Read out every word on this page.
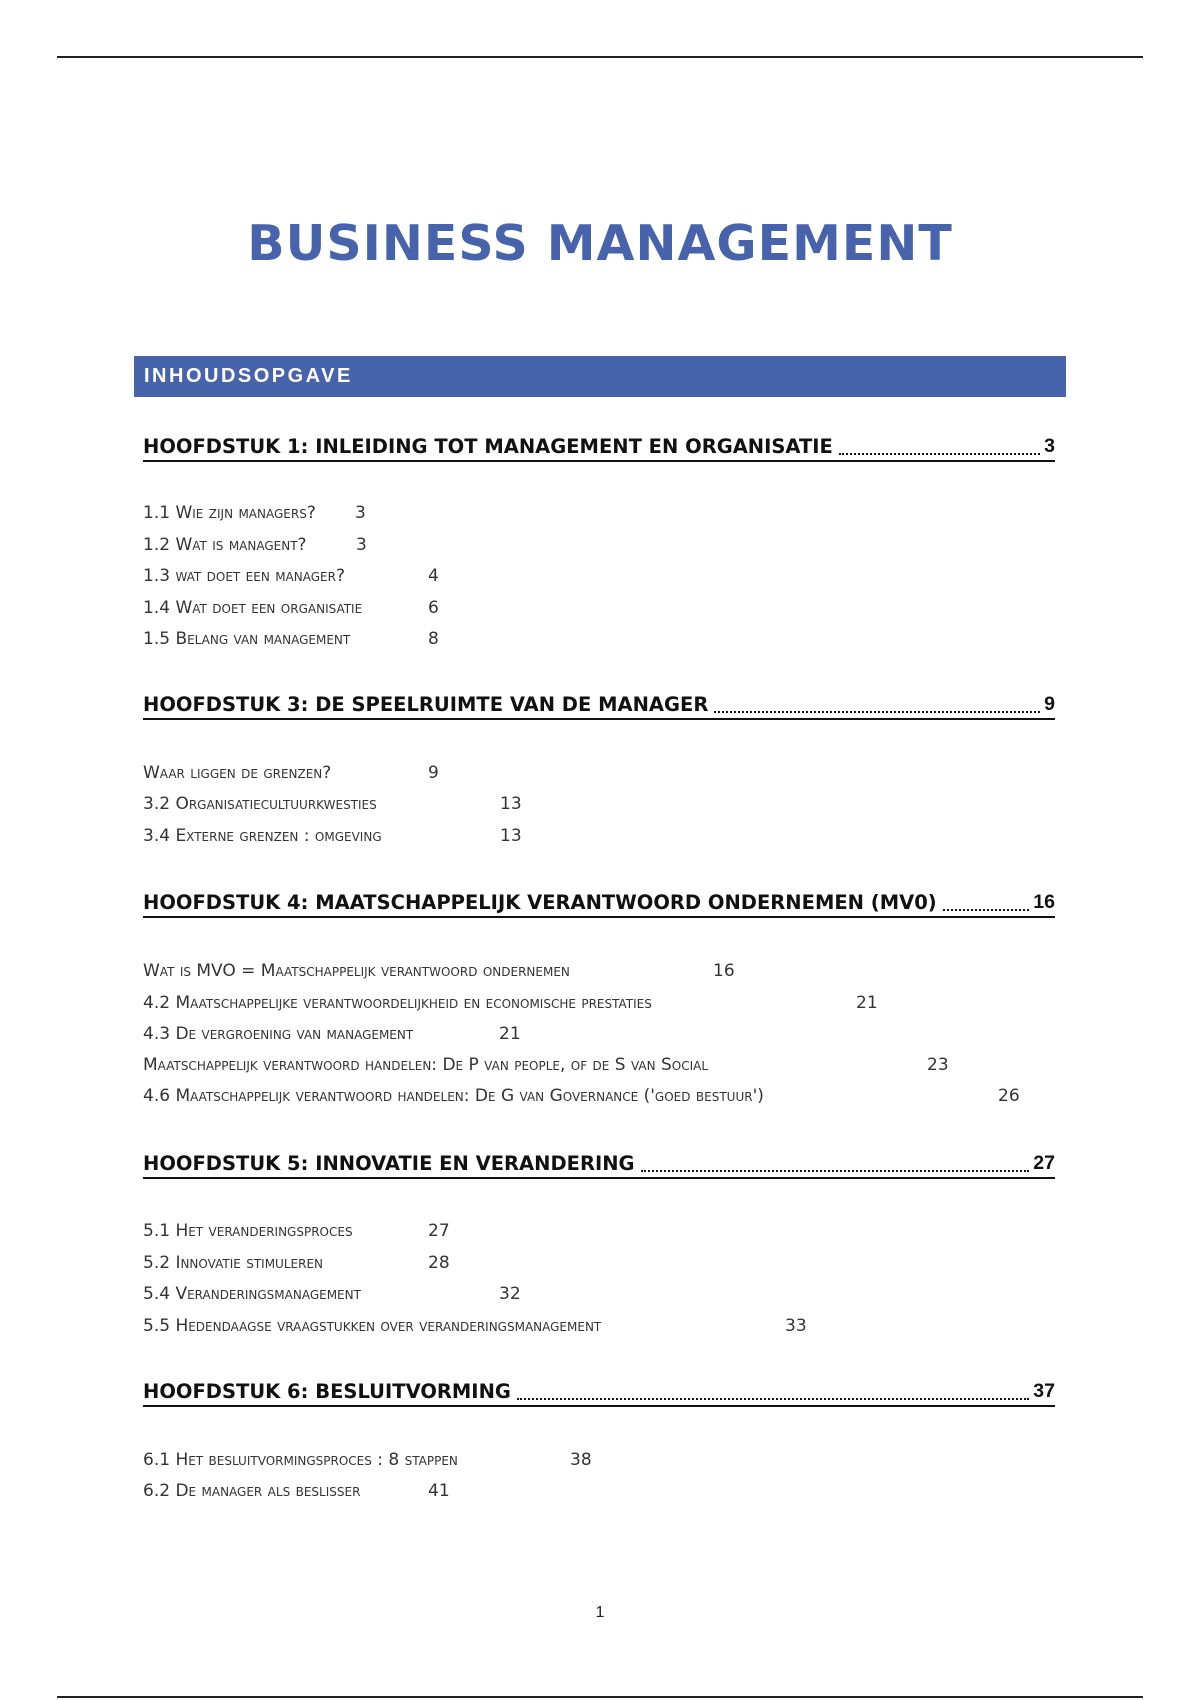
BUSINESS MANAGEMENT
INHOUDSOPGAVE
HOOFDSTUK 1: INLEIDING TOT MANAGEMENT EN ORGANISATIE	3
1.1 Wie zijn managers? 3
1.2 Wat is managent?	3
1.3 wat doet een manager?	4
1.4 Wat doet een organisatie	6
1.5 Belang van management	8
HOOFDSTUK 3: DE SPEELRUIMTE VAN DE MANAGER	9
Waar liggen de grenzen?	9
3.2 Organisatiecultuurkwesties	13
3.4 Externe grenzen : omgeving	13
HOOFDSTUK 4: MAATSCHAPPELIJK VERANTWOORD ONDERNEMEN (MV0)	16
Wat is MVO = Maatschappelijk verantwoord ondernemen	16
4.2 Maatschappelijke verantwoordelijkheid en economische prestaties	21
4.3 De vergroening van management	21
Maatschappelijk verantwoord handelen: De P van people, of de S van Social	23
4.6 Maatschappelijk verantwoord handelen: De G van Governance ('goed bestuur')	26
HOOFDSTUK 5: INNOVATIE EN VERANDERING	27
5.1 Het veranderingsproces	27
5.2 Innovatie stimuleren	28
5.4 Veranderingsmanagement	32
5.5 Hedendaagse vraagstukken over veranderingsmanagement	33
HOOFDSTUK 6: BESLUITVORMING	37
6.1 Het besluitvormingsproces : 8 stappen	38
6.2 De manager als beslisser	41
1
